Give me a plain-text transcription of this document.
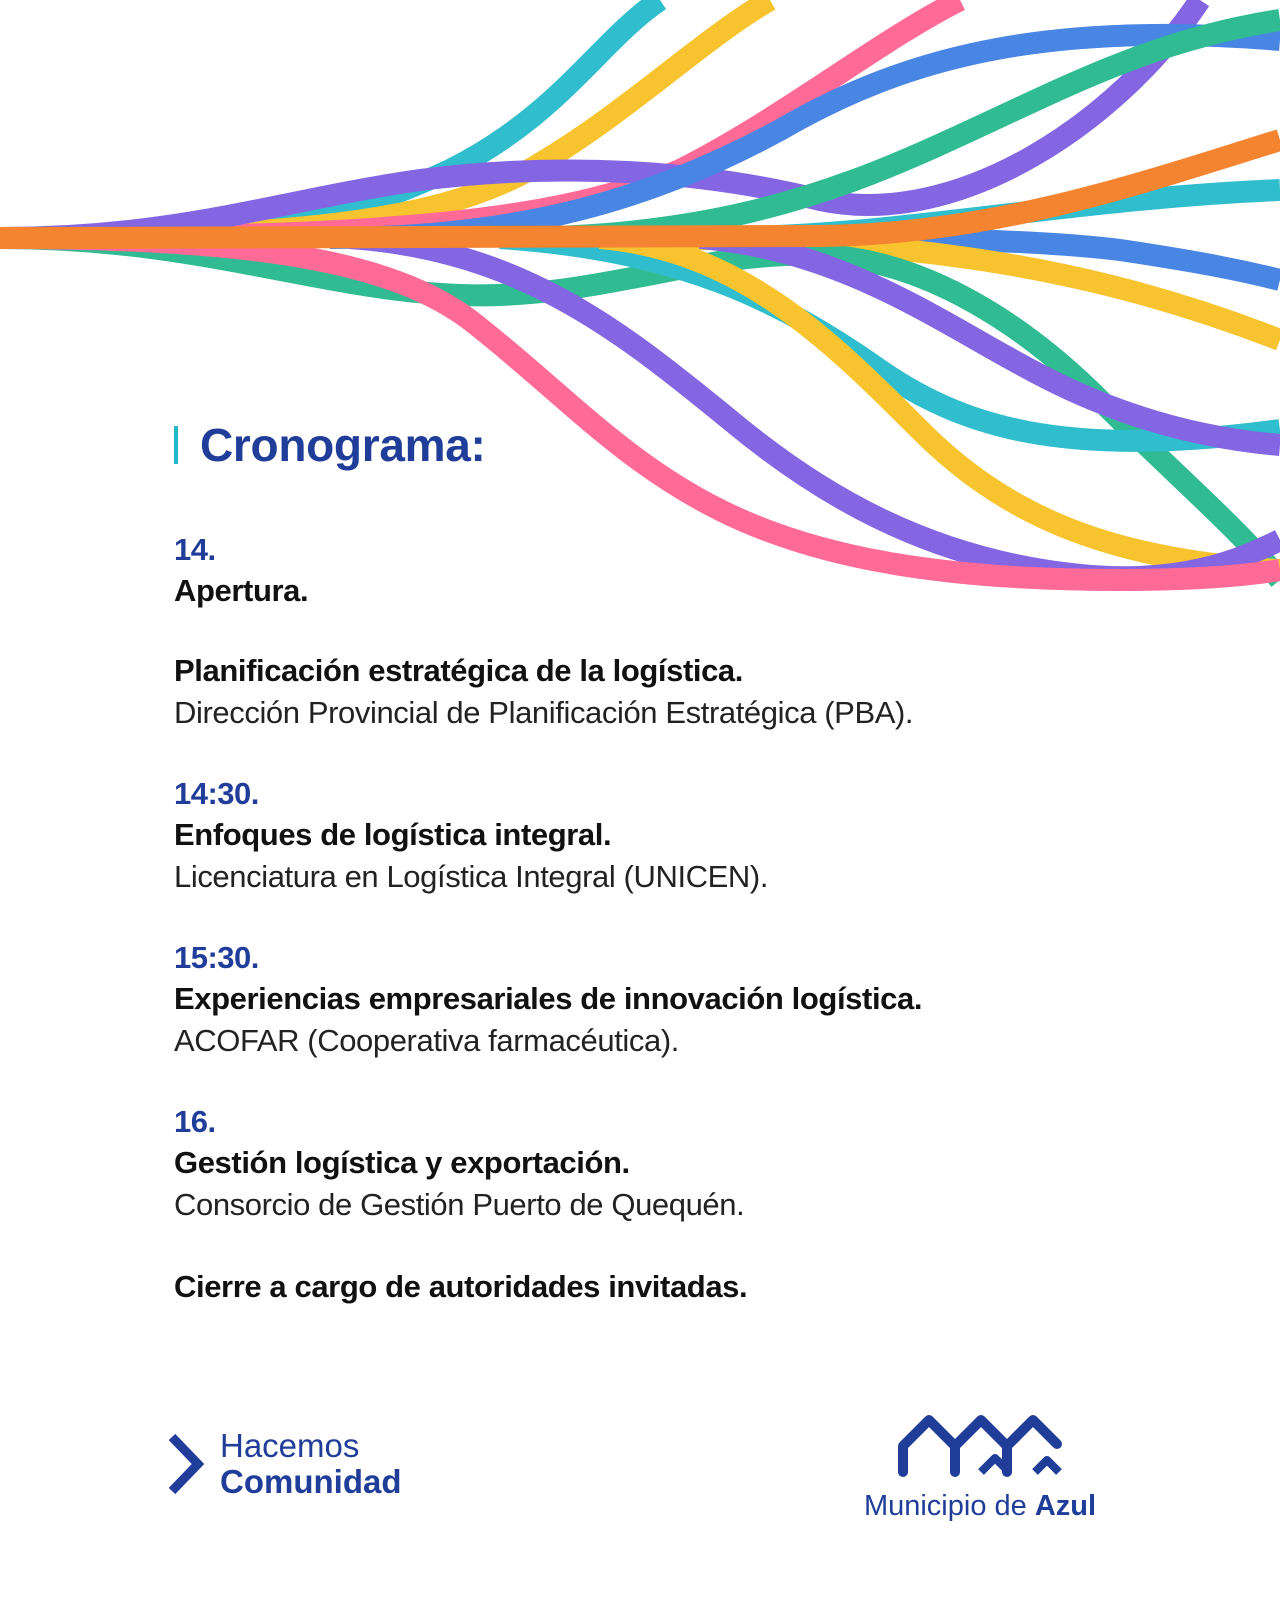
Cronograma:
14.
Apertura.
Planificación estratégica de la logística.
Dirección Provincial de Planificación Estratégica (PBA).
14:30.
Enfoques de logística integral.
Licenciatura en Logística Integral (UNICEN).
15:30.
Experiencias empresariales de innovación logística.
ACOFAR (Cooperativa farmacéutica).
16.
Gestión logística y exportación.
Consorcio de Gestión Puerto de Quequén.
Cierre a cargo de autoridades invitadas.
Hacemos
Comunidad
Municipio de Azul
